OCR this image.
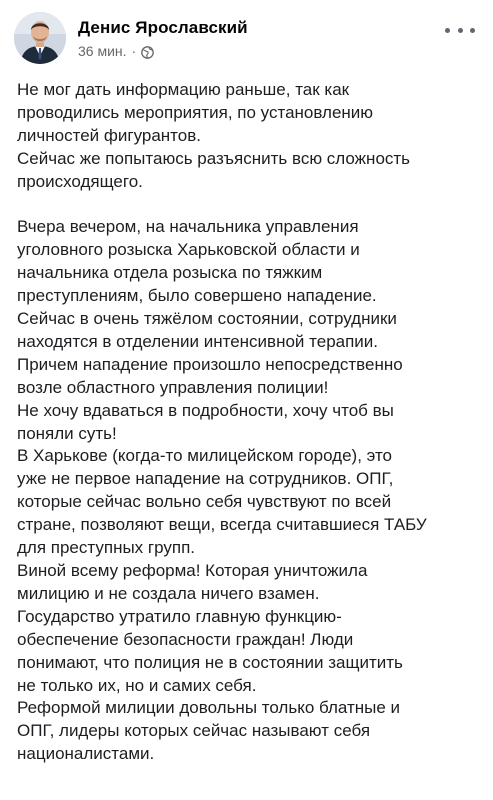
Денис Ярославский
36 мин. ·

Не мог дать информацию раньше, так как
проводились мероприятия, по установлению
личностей фигурантов.
Сейчас же попытаюсь разъяснить всю сложность
происходящего.

Вчера вечером, на начальника управления
уголовного розыска Харьковской области и
начальника отдела розыска по тяжким
преступлениям, было совершено нападение.
Сейчас в очень тяжёлом состоянии, сотрудники
находятся в отделении интенсивной терапии.
Причем нападение произошло непосредственно
возле областного управления полиции!
Не хочу вдаваться в подробности, хочу чтоб вы
поняли суть!
В Харькове (когда-то милицейском городе), это
уже не первое нападение на сотрудников. ОПГ,
которые сейчас вольно себя чувствуют по всей
стране, позволяют вещи, всегда считавшиеся ТАБУ
для преступных групп.
Виной всему реформа! Которая уничтожила
милицию и не создала ничего взамен.
Государство утратило главную функцию-
обеспечение безопасности граждан! Люди
понимают, что полиция не в состоянии защитить
не только их, но и самих себя.
Реформой милиции довольны только блатные и
ОПГ, лидеры которых сейчас называют себя
националистами.
